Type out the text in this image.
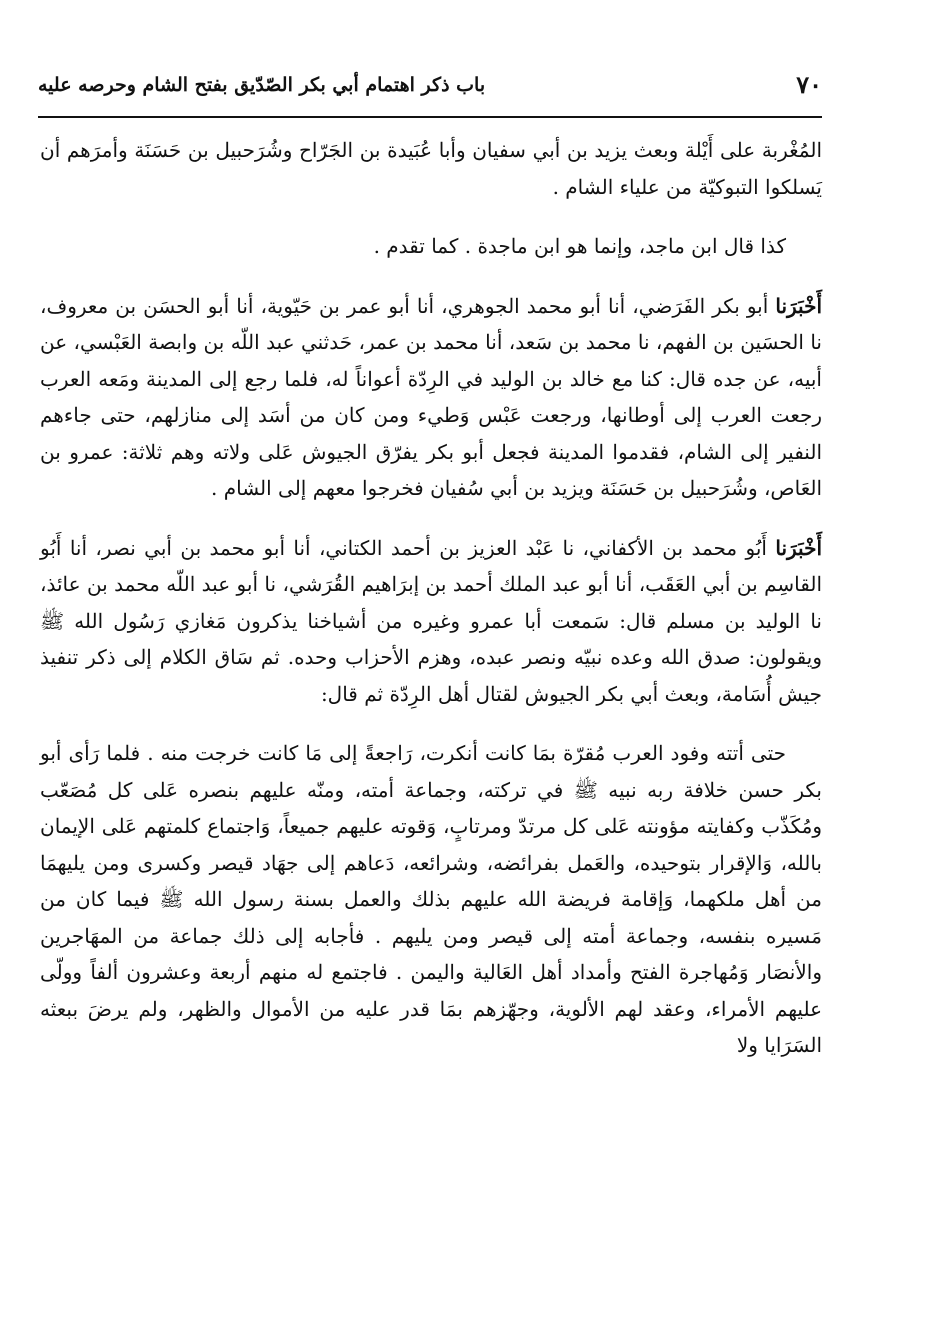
٧٠
باب ذكر اهتمام أبي بكر الصّدّيق بفتح الشام وحرصه عليه

المُغْربة على أَيْلة وبعث يزيد بن أبي سفيان وأبا عُبَيدة بن الجَرّاح وشُرَحبيل بن حَسَنَة وأمرَهم أن يَسلكوا التبوكيّة من علياء الشام .

كذا قال ابن ماجد، وإنما هو ابن ماجدة . كما تقدم .

أَخْبَرَنا أبو بكر الفَرَضي، أنا أبو محمد الجوهري، أنا أبو عمر بن حَيّوية، أنا أبو الحسَن بن معروف، نا الحسَين بن الفهم، نا محمد بن سَعد، أنا محمد بن عمر، حَدثني عبد اللّه بن وابصة العَبْسي، عن أبيه، عن جده قال: كنا مع خالد بن الوليد في الرِدّة أعواناً له، فلما رجع إلى المدينة ومَعه العرب رجعت العرب إلى أوطانها، ورجعت عَبْس وَطيء ومن كان من أسَد إلى منازلهم، حتى جاءهم النفير إلى الشام، فقدموا المدينة فجعل أبو بكر يفرّق الجيوش عَلى ولاته وهم ثلاثة: عمرو بن العَاص، وشُرَحبيل بن حَسَنَة ويزيد بن أبي سُفيان فخرجوا معهم إلى الشام .

أَخْبَرَنا أَبُو محمد بن الأكفاني، نا عَبْد العزيز بن أحمد الكتاني، أنا أبو محمد بن أبي نصر، أنا أَبُو القاسِم بن أبي العَقَب، أنا أبو عبد الملك أحمد بن إبرَاهيم القُرَشي، نا أبو عبد اللّه محمد بن عائذ، نا الوليد بن مسلم قال: سَمعت أبا عمرو وغيره من أشياخنا يذكرون مَغازي رَسُول الله ﷺ ويقولون: صدق الله وعده نبيّه ونصر عبده، وهزم الأحزاب وحده. ثم سَاق الكلام إلى ذكر تنفيذ جيش أُسَامة، وبعث أبي بكر الجيوش لقتال أهل الرِدّة ثم قال:

حتى أتته وفود العرب مُقرّة بمَا كانت أنكرت، رَاجعةً إلى مَا كانت خرجت منه . فلما رَأى أبو بكر حسن خلافة ربه نبيه ﷺ في تركته، وجماعة أمته، ومنّه عليهم بنصره عَلى كل مُصَعّب ومُكَذّب وكفايته مؤونته عَلى كل مرتدّ ومرتابٍ، وَقوته عليهم جميعاً، وَاجتماع كلمتهم عَلى الإيمان بالله، وَالإقرار بتوحيده، والعَمل بفرائضه، وشرائعه، دَعاهم إلى جهَاد قيصر وكسرى ومن يليهمَا من أهل ملكهما، وَإقامة فريضة الله عليهم بذلك والعمل بسنة رسول الله ﷺ فيما كان من مَسيره بنفسه، وجماعة أمته إلى قيصر ومن يليهم . فأجابه إلى ذلك جماعة من المهَاجرين والأنصَار وَمُهاجرة الفتح وأمداد أهل العَالية واليمن . فاجتمع له منهم أربعة وعشرون ألفاً وولّى عليهم الأمراء، وعقد لهم الألوية، وجهّزهم بمَا قدر عليه من الأموال والظهر، ولم يرضَ ببعثه السَرَايا ولا
